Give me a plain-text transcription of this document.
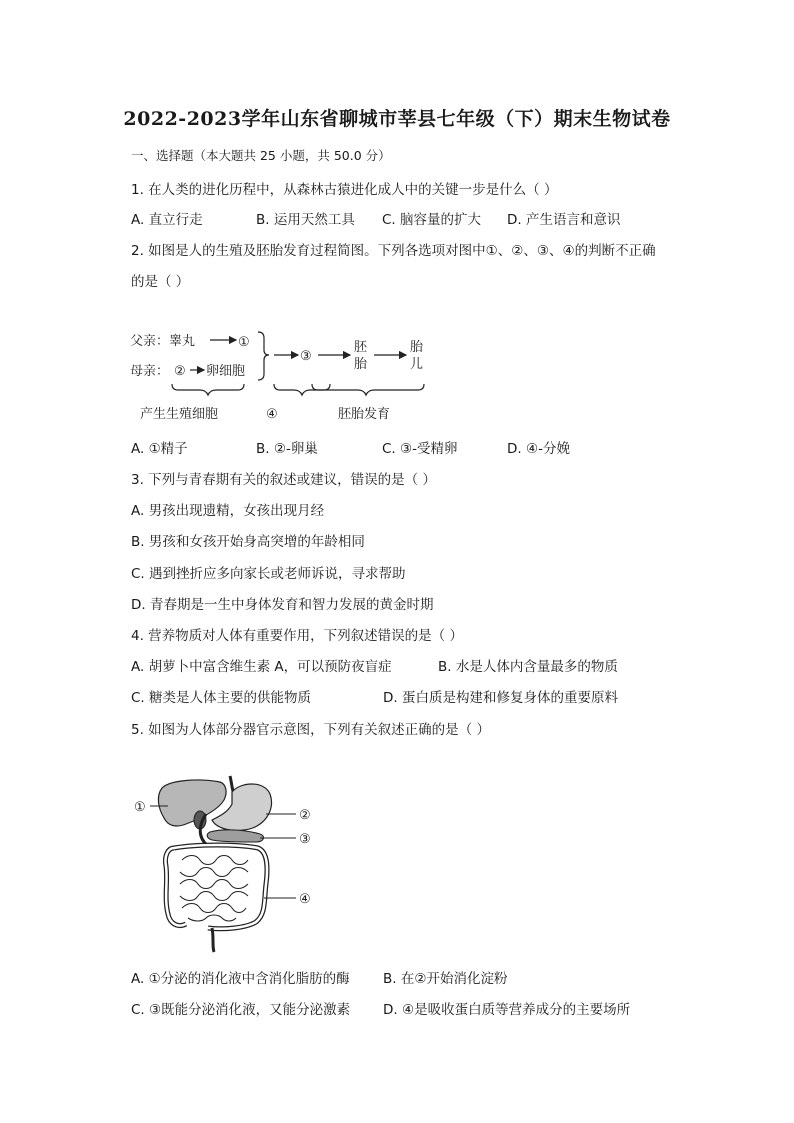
2022-2023学年山东省聊城市莘县七年级（下）期末生物试卷
一、选择题（本大题共 25 小题，共 50.0 分）
1. 在人类的进化历程中，从森林古猿进化成人中的关键一步是什么（ ）
A. 直立行走	B. 运用天然工具 C. 脑容量的扩大 D. 产生语言和意识
2. 如图是人的生殖及胚胎发育过程简图。下列各选项对图中①、②、③、④的判断不正确
的是（ ）
父亲：睾丸	①
母亲： ② 卵细胞
③
胚
胎
胎
儿
产生生殖细胞	④	胚胎发育
A. ①精子	B. ②-卵巢	C. ③-受精卵	D. ④-分娩
3. 下列与青春期有关的叙述或建议，错误的是（ ）
A. 男孩出现遗精，女孩出现月经
B. 男孩和女孩开始身高突增的年龄相同
C. 遇到挫折应多向家长或老师诉说，寻求帮助
D. 青春期是一生中身体发育和智力发展的黄金时期
4. 营养物质对人体有重要作用，下列叙述错误的是（ ）
A. 胡萝卜中富含维生素 A，可以预防夜盲症	B. 水是人体内含量最多的物质
C. 糖类是人体主要的供能物质	D. 蛋白质是构建和修复身体的重要原料
5. 如图为人体部分器官示意图，下列有关叙述正确的是（ ）
①
②
③
④
A. ①分泌的消化液中含消化脂肪的酶 B. 在②开始消化淀粉
C. ③既能分泌消化液，又能分泌激素 D. ④是吸收蛋白质等营养成分的主要场所
